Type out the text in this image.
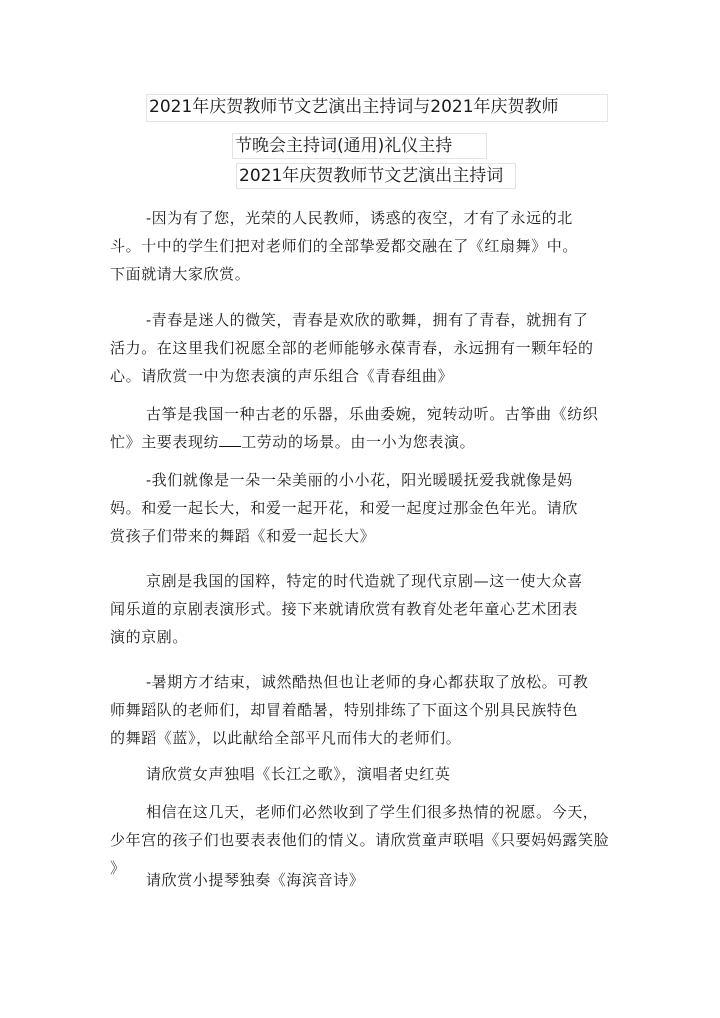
2021年庆贺教师节文艺演出主持词与2021年庆贺教师
节晚会主持词(通用)礼仪主持
2021年庆贺教师节文艺演出主持词
-因为有了您，光荣的人民教师，诱惑的夜空，才有了永远的北
斗。十中的学生们把对老师们的全部挚爱都交融在了《红扇舞》中。
下面就请大家欣赏。
-青春是迷人的微笑，青春是欢欣的歌舞，拥有了青春，就拥有了
活力。在这里我们祝愿全部的老师能够永葆青春，永远拥有一颗年轻的
心。请欣赏一中为您表演的声乐组合《青春组曲》
古筝是我国一种古老的乐器，乐曲委婉，宛转动听。古筝曲《纺织
忙》主要表现纺 工劳动的场景。由一小为您表演。
-我们就像是一朵一朵美丽的小小花，阳光暖暖抚爱我就像是妈
妈。和爱一起长大，和爱一起开花，和爱一起度过那金色年光。请欣
赏孩子们带来的舞蹈《和爱一起长大》
京剧是我国的国粹，特定的时代造就了现代京剧—这一使大众喜
闻乐道的京剧表演形式。接下来就请欣赏有教育处老年童心艺术团表
演的京剧。
-暑期方才结束，诚然酷热但也让老师的身心都获取了放松。可教
师舞蹈队的老师们，却冒着酷暑，特别排练了下面这个别具民族特色
的舞蹈《蓝》，以此献给全部平凡而伟大的老师们。
请欣赏女声独唱《长江之歌》，演唱者史红英
相信在这几天，老师们必然收到了学生们很多热情的祝愿。今天，
少年宫的孩子们也要表表他们的情义。请欣赏童声联唱《只要妈妈露笑脸
》
请欣赏小提琴独奏《海滨音诗》
